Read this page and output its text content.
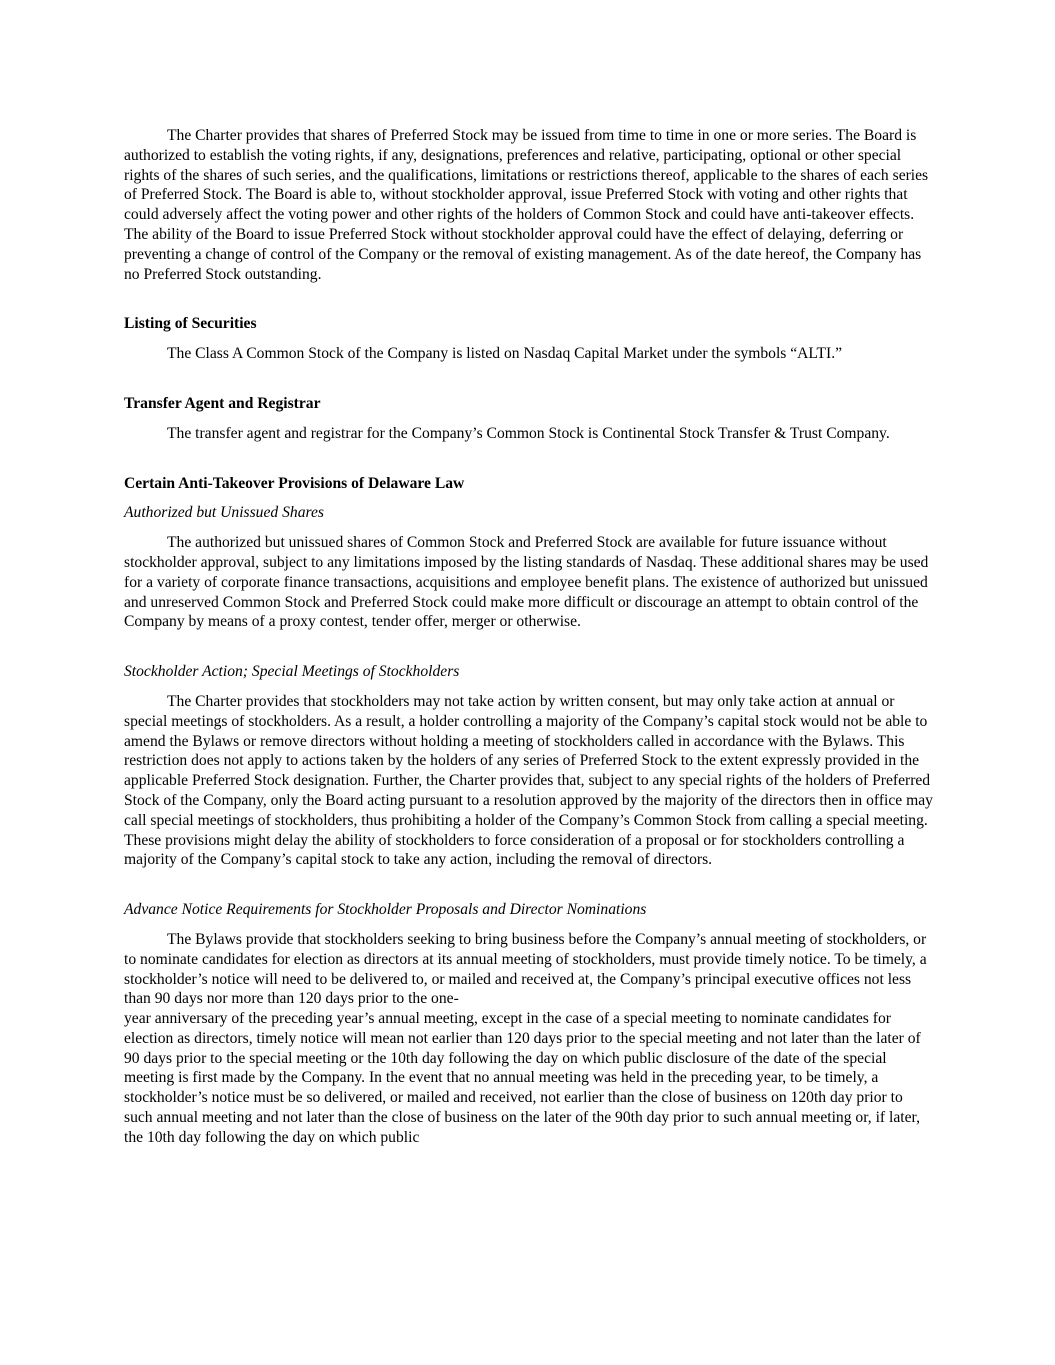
The Charter provides that shares of Preferred Stock may be issued from time to time in one or more series. The Board is authorized to establish the voting rights, if any, designations, preferences and relative, participating, optional or other special rights of the shares of such series, and the qualifications, limitations or restrictions thereof, applicable to the shares of each series of Preferred Stock. The Board is able to, without stockholder approval, issue Preferred Stock with voting and other rights that could adversely affect the voting power and other rights of the holders of Common Stock and could have anti-takeover effects. The ability of the Board to issue Preferred Stock without stockholder approval could have the effect of delaying, deferring or preventing a change of control of the Company or the removal of existing management. As of the date hereof, the Company has no Preferred Stock outstanding.

Listing of Securities

The Class A Common Stock of the Company is listed on Nasdaq Capital Market under the symbols “ALTI.”

Transfer Agent and Registrar

The transfer agent and registrar for the Company’s Common Stock is Continental Stock Transfer & Trust Company.

Certain Anti-Takeover Provisions of Delaware Law

Authorized but Unissued Shares

The authorized but unissued shares of Common Stock and Preferred Stock are available for future issuance without stockholder approval, subject to any limitations imposed by the listing standards of Nasdaq. These additional shares may be used for a variety of corporate finance transactions, acquisitions and employee benefit plans. The existence of authorized but unissued and unreserved Common Stock and Preferred Stock could make more difficult or discourage an attempt to obtain control of the Company by means of a proxy contest, tender offer, merger or otherwise.

Stockholder Action; Special Meetings of Stockholders

The Charter provides that stockholders may not take action by written consent, but may only take action at annual or special meetings of stockholders. As a result, a holder controlling a majority of the Company’s capital stock would not be able to amend the Bylaws or remove directors without holding a meeting of stockholders called in accordance with the Bylaws. This restriction does not apply to actions taken by the holders of any series of Preferred Stock to the extent expressly provided in the applicable Preferred Stock designation. Further, the Charter provides that, subject to any special rights of the holders of Preferred Stock of the Company, only the Board acting pursuant to a resolution approved by the majority of the directors then in office may call special meetings of stockholders, thus prohibiting a holder of the Company’s Common Stock from calling a special meeting. These provisions might delay the ability of stockholders to force consideration of a proposal or for stockholders controlling a majority of the Company’s capital stock to take any action, including the removal of directors.

Advance Notice Requirements for Stockholder Proposals and Director Nominations

The Bylaws provide that stockholders seeking to bring business before the Company’s annual meeting of stockholders, or to nominate candidates for election as directors at its annual meeting of stockholders, must provide timely notice. To be timely, a stockholder’s notice will need to be delivered to, or mailed and received at, the Company’s principal executive offices not less than 90 days nor more than 120 days prior to the one-
year anniversary of the preceding year’s annual meeting, except in the case of a special meeting to nominate candidates for election as directors, timely notice will mean not earlier than 120 days prior to the special meeting and not later than the later of 90 days prior to the special meeting or the 10th day following the day on which public disclosure of the date of the special meeting is first made by the Company. In the event that no annual meeting was held in the preceding year, to be timely, a stockholder’s notice must be so delivered, or mailed and received, not earlier than the close of business on 120th day prior to such annual meeting and not later than the close of business on the later of the 90th day prior to such annual meeting or, if later, the 10th day following the day on which public
